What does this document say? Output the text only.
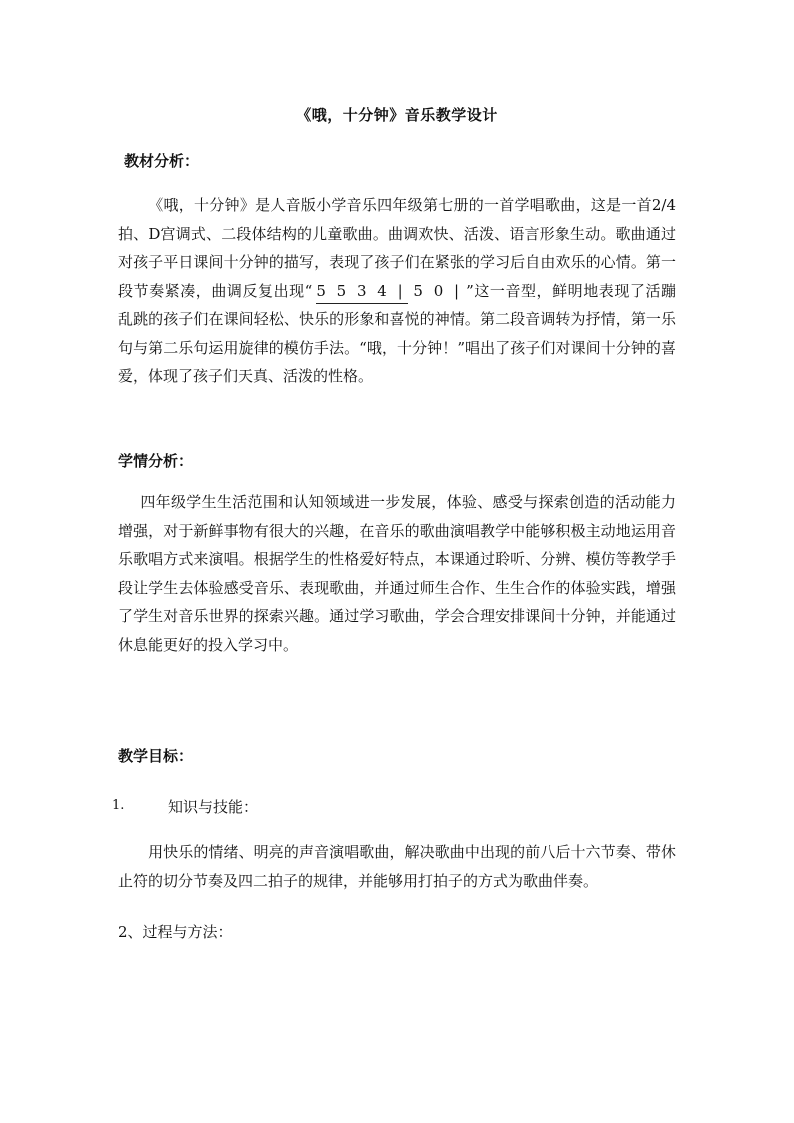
《哦，十分钟》音乐教学设计
教材分析：
《哦，十分钟》是人音版小学音乐四年级第七册的一首学唱歌曲，这是一首2/4拍、D宫调式、二段体结构的儿童歌曲。曲调欢快、活泼、语言形象生动。歌曲通过对孩子平日课间十分钟的描写，表现了孩子们在紧张的学习后自由欢乐的心情。第一段节奏紧凑，曲调反复出现“ 5 5 3 4 | 5 0 | ”这一音型，鲜明地表现了活蹦乱跳的孩子们在课间轻松、快乐的形象和喜悦的神情。第二段音调转为抒情，第一乐句与第二乐句运用旋律的模仿手法。“哦，十分钟！”唱出了孩子们对课间十分钟的喜爱，体现了孩子们天真、活泼的性格。
学情分析：
四年级学生生活范围和认知领域进一步发展，体验、感受与探索创造的活动能力增强，对于新鲜事物有很大的兴趣，在音乐的歌曲演唱教学中能够积极主动地运用音乐歌唱方式来演唱。根据学生的性格爱好特点，本课通过聆听、分辨、模仿等教学手段让学生去体验感受音乐、表现歌曲，并通过师生合作、生生合作的体验实践，增强了学生对音乐世界的探索兴趣。通过学习歌曲，学会合理安排课间十分钟，并能通过休息能更好的投入学习中。
教学目标：
1.	知识与技能：
用快乐的情绪、明亮的声音演唱歌曲，解决歌曲中出现的前八后十六节奏、带休止符的切分节奏及四二拍子的规律，并能够用打拍子的方式为歌曲伴奏。
2、过程与方法：
